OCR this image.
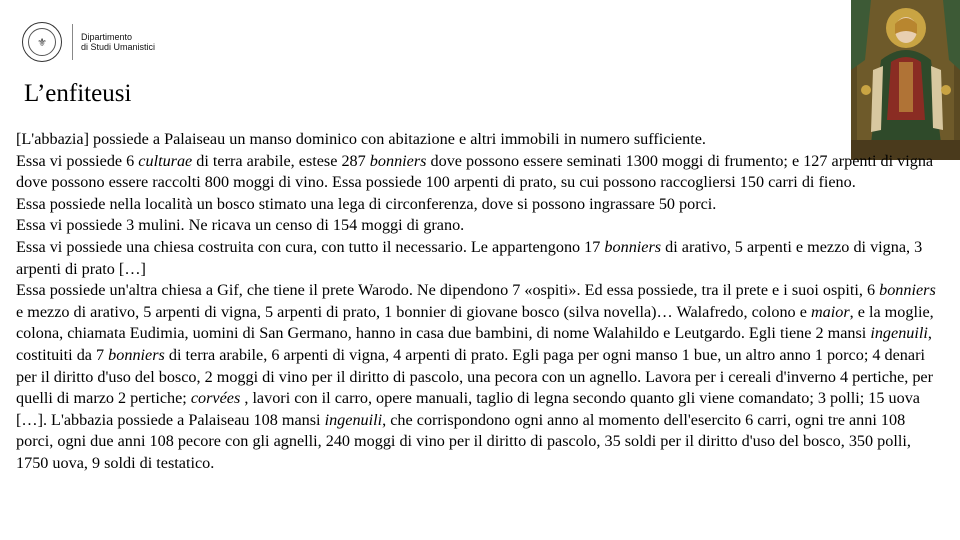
⚜	Dipartimento
di Studi Umanistici
L’enfiteusi

[L'abbazia] possiede a Palaiseau un manso dominico con abitazione e altri immobili in numero sufficiente.

Essa vi possiede 6 culturae di terra arabile, estese 287 bonniers dove possono essere seminati 1300 moggi di frumento; e 127 arpenti di vigna dove possono essere raccolti 800 moggi di vino. Essa possiede 100 arpenti di prato, su cui possono raccogliersi 150 carri di fieno.

Essa possiede nella località un bosco stimato una lega di circonferenza, dove si possono ingrassare 50 porci.

Essa vi possiede 3 mulini. Ne ricava un censo di 154 moggi di grano.

Essa vi possiede una chiesa costruita con cura, con tutto il necessario. Le appartengono 17 bonniers di arativo, 5 arpenti e mezzo di vigna, 3 arpenti di prato […]

Essa possiede un'altra chiesa a Gif, che tiene il prete Warodo. Ne dipendono 7 «ospiti». Ed essa possiede, tra il prete e i suoi ospiti, 6 bonniers e mezzo di arativo, 5 arpenti di vigna, 5 arpenti di prato, 1 bonnier di giovane bosco (silva novella)… Walafredo, colono e maior, e la moglie, colona, chiamata Eudimia, uomini di San Germano, hanno in casa due bambini, di nome Walahildo e Leutgardo. Egli tiene 2 mansi ingenuili, costituiti da 7 bonniers di terra arabile, 6 arpenti di vigna, 4 arpenti di prato. Egli paga per ogni manso 1 bue, un altro anno 1 porco; 4 denari per il diritto d'uso del bosco, 2 moggi di vino per il diritto di pascolo, una pecora con un agnello. Lavora per i cereali d'inverno 4 pertiche, per quelli di marzo 2 pertiche; corvées , lavori con il carro, opere manuali, taglio di legna secondo quanto gli viene comandato; 3 polli; 15 uova […]. L'abbazia possiede a Palaiseau 108 mansi ingenuili, che corrispondono ogni anno al momento dell'esercito 6 carri, ogni tre anni 108 porci, ogni due anni 108 pecore con gli agnelli, 240 moggi di vino per il diritto di pascolo, 35 soldi per il diritto d'uso del bosco, 350 polli, 1750 uova, 9 soldi di testatico.
